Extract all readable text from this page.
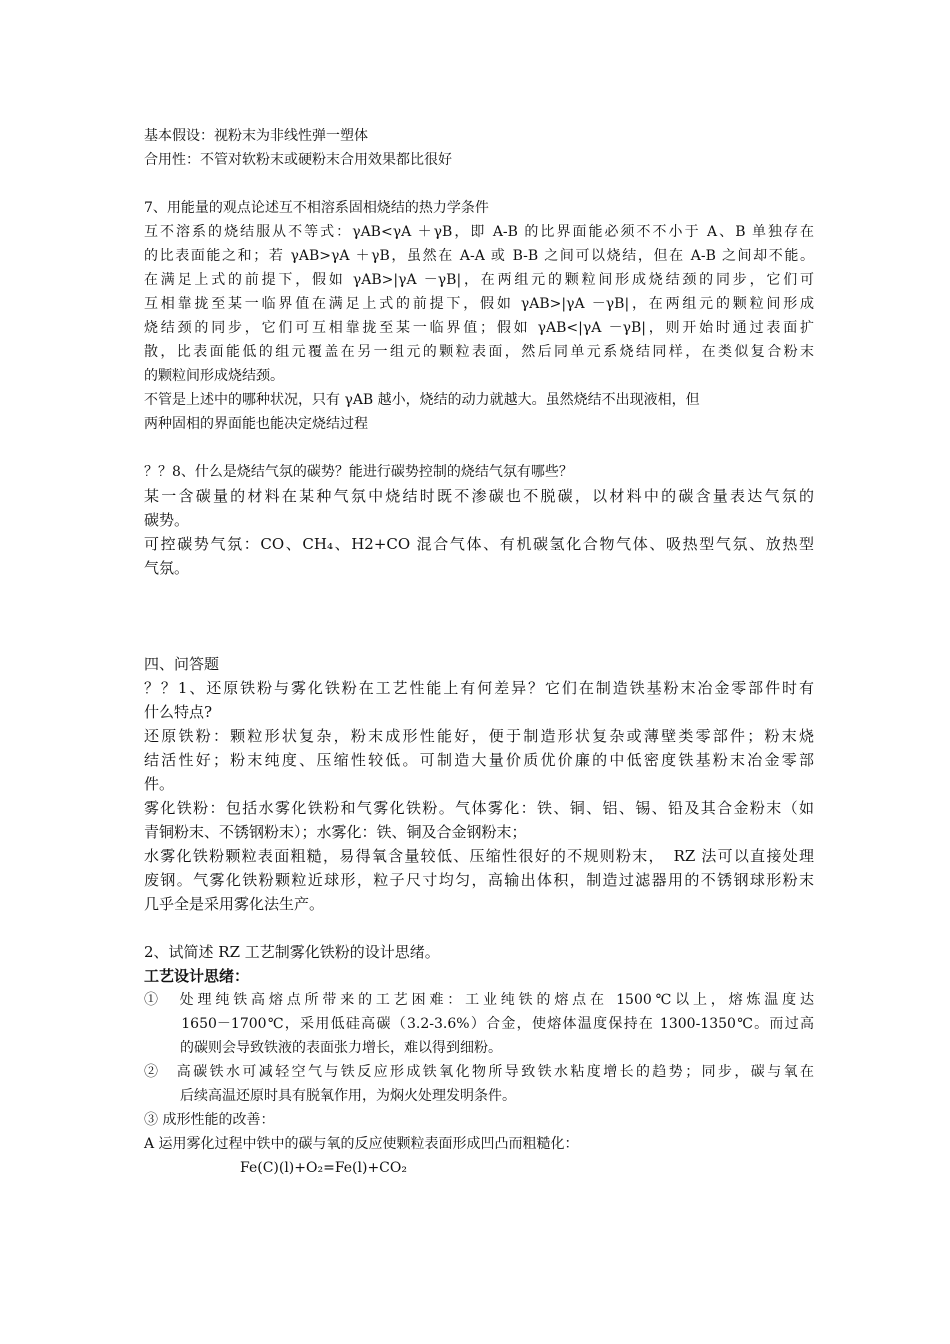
基本假设：视粉末为非线性弹一塑体

合用性：不管对软粉末或硬粉末合用效果都比很好

7、用能量的观点论述互不相溶系固相烧结的热力学条件

互不溶系的烧结服从不等式：γAB<γA ＋γB，即 A-B 的比界面能必须不不小于 A、B 单独存在

的比表面能之和；若 γAB>γA ＋γB，虽然在 A-A 或 B-B 之间可以烧结，但在 A-B 之间却不能。

在满足上式的前提下，假如 γAB>|γA －γB|，在两组元的颗粒间形成烧结颈的同步，它们可

互相靠拢至某一临界值在满足上式的前提下，假如 γAB>|γA －γB|，在两组元的颗粒间形成

烧结颈的同步，它们可互相靠拢至某一临界值；假如 γAB<|γA －γB|，则开始时通过表面扩

散，比表面能低的组元覆盖在另一组元的颗粒表面，然后同单元系烧结同样，在类似复合粉末

的颗粒间形成烧结颈。

不管是上述中的哪种状况，只有 γAB 越小，烧结的动力就越大。虽然烧结不出现液相，但

两种固相的界面能也能决定烧结过程

？？8、什么是烧结气氛的碳势？能进行碳势控制的烧结气氛有哪些？

某一含碳量的材料在某种气氛中烧结时既不渗碳也不脱碳，以材料中的碳含量表达气氛的

碳势。

可控碳势气氛：CO、CH₄、H2+CO 混合气体、有机碳氢化合物气体、吸热型气氛、放热型

气氛。

四、问答题

？？1、还原铁粉与雾化铁粉在工艺性能上有何差异？它们在制造铁基粉末冶金零部件时有

什么特点?

还原铁粉：颗粒形状复杂，粉末成形性能好，便于制造形状复杂或薄壁类零部件；粉末烧

结活性好；粉末纯度、压缩性较低。可制造大量价质优价廉的中低密度铁基粉末冶金零部

件。

雾化铁粉：包括水雾化铁粉和气雾化铁粉。气体雾化：铁、铜、铝、锡、铅及其合金粉末（如

青铜粉末、不锈钢粉末）；水雾化：铁、铜及合金钢粉末；

水雾化铁粉颗粒表面粗糙，易得氧含量较低、压缩性很好的不规则粉末，　RZ 法可以直接处理

废钢。气雾化铁粉颗粒近球形，粒子尺寸均匀，高输出体积，制造过滤器用的不锈钢球形粉末

几乎全是采用雾化法生产。

2、试简述 RZ 工艺制雾化铁粉的设计思绪。

工艺设计思绪：

①　处理纯铁高熔点所带来的工艺困难：工业纯铁的熔点在 1500℃以上，熔炼温度达

　1650－1700℃，采用低硅高碳（3.2-3.6%）合金，使熔体温度保持在 1300-1350℃。而过高

　的碳则会导致铁液的表面张力增长，难以得到细粉。

②　高碳铁水可减轻空气与铁反应形成铁氧化物所导致铁水粘度增长的趋势；同步，碳与氧在

　后续高温还原时具有脱氧作用，为焖火处理发明条件。

③ 成形性能的改善：

A 运用雾化过程中铁中的碳与氧的反应使颗粒表面形成凹凸而粗糙化：

Fe(C)(l)+O₂=Fe(l)+CO₂
